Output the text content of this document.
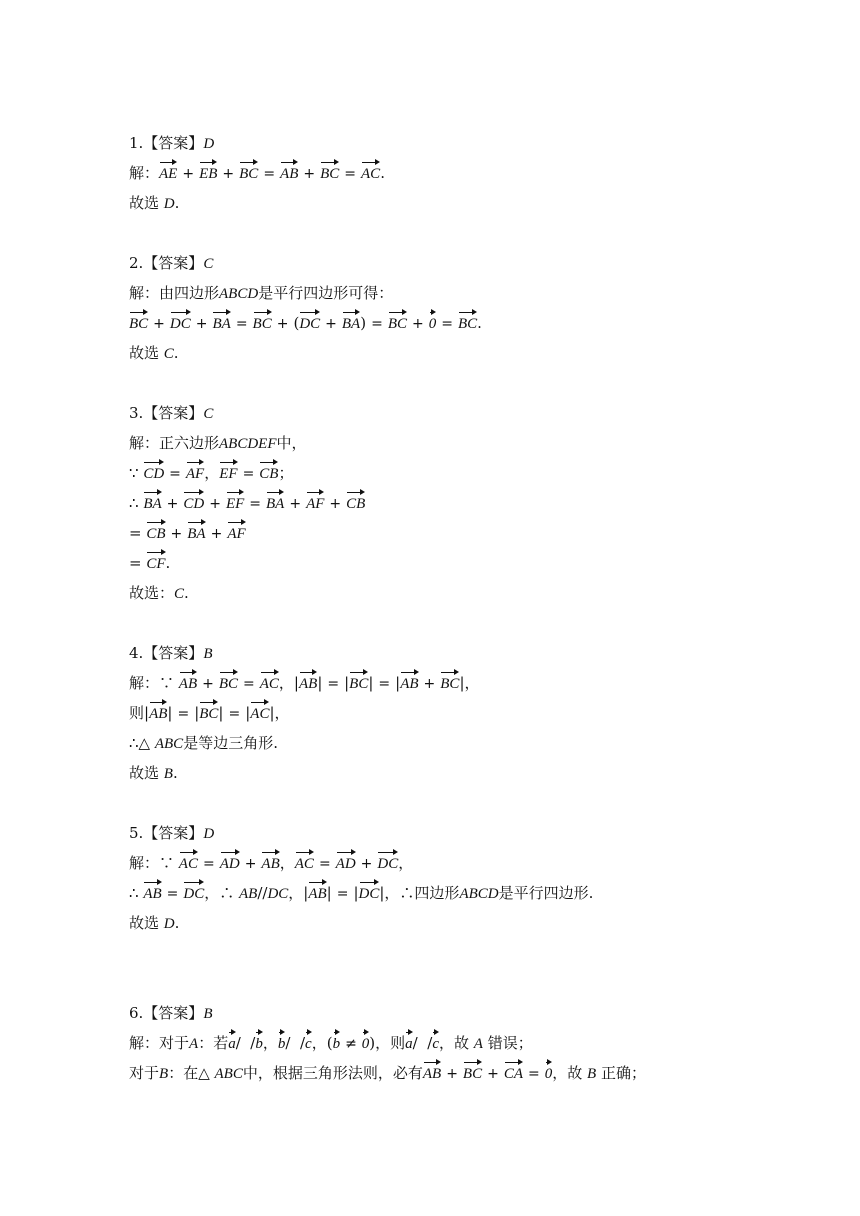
1.【答案】D
解：AE + EB + BC = AB + BC = AC.
故选 D.
2.【答案】C
解：由四边形ABCD是平行四边形可得：
BC + DC + BA = BC + (DC + BA) = BC + 0 = BC.
故选 C.
3.【答案】C
解：正六边形ABCDEF中，
∵ CD = AF，EF = CB；
∴ BA + CD + EF = BA + AF + CB
= CB + BA + AF
= CF.
故选：C.
4.【答案】B
解：∵ AB + BC = AC，|AB| = |BC| = |AB + BC|，
则|AB| = |BC| = |AC|，
∴△ ABC是等边三角形.
故选 B.
5.【答案】D
解：∵ AC = AD + AB，AC = AD + DC，
∴ AB = DC，∴ AB//DC，|AB| = |DC|，∴四边形ABCD是平行四边形.
故选 D.
6.【答案】B
解：对于A：若a/  /b，b/  /c，(b ≠ 0)，则a/  /c，故 A 错误；
对于B：在△ ABC中，根据三角形法则，必有AB + BC + CA = 0，故 B 正确；
